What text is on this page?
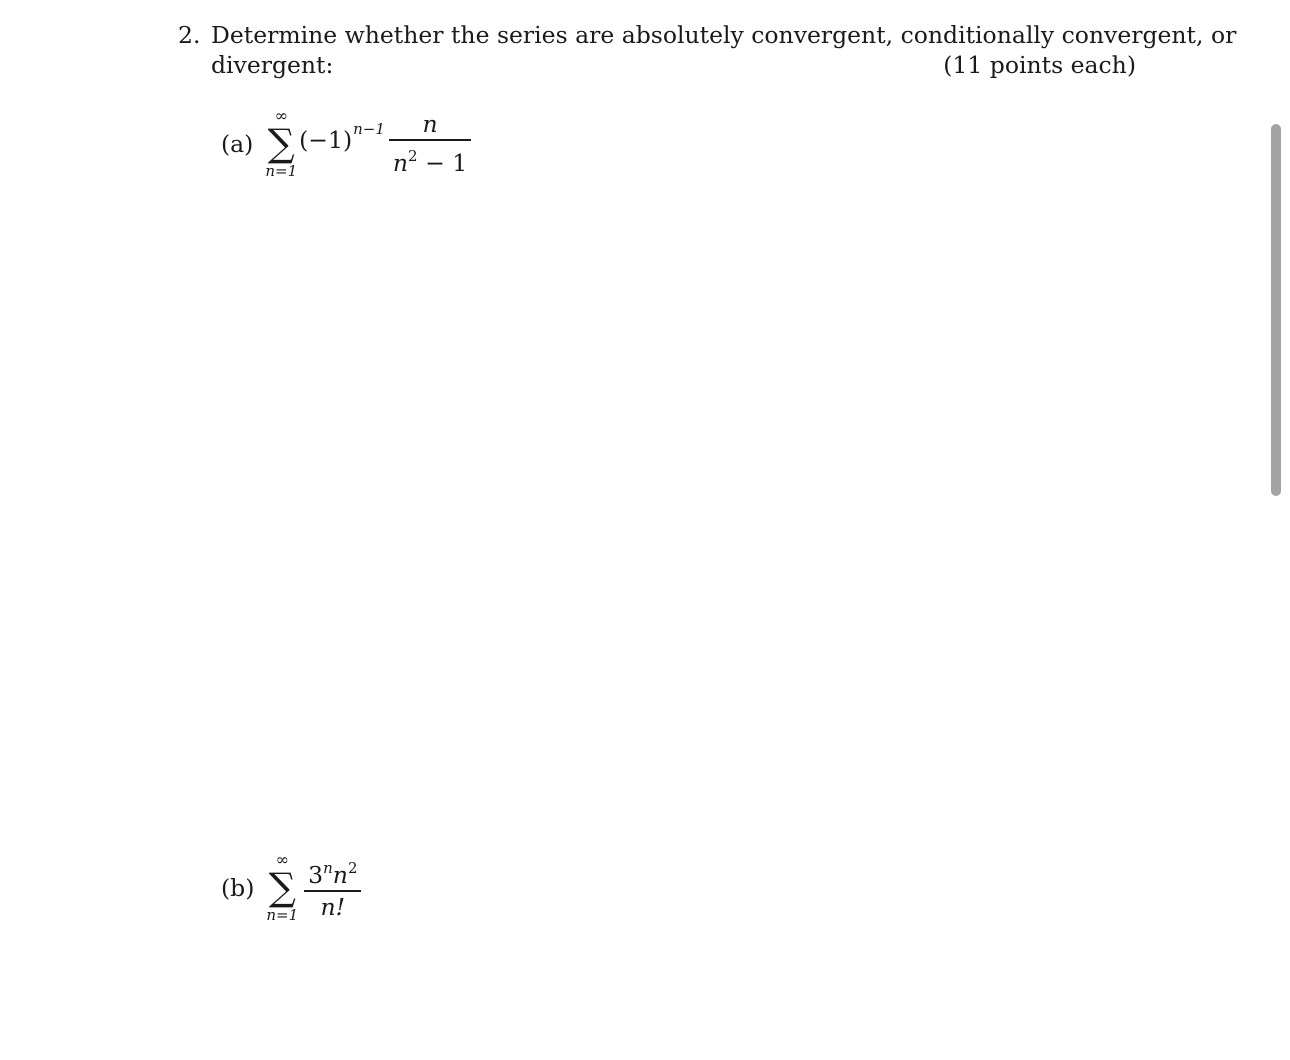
2. Determine whether the series are absolutely convergent, conditionally convergent, or
divergent:	(11 points each)
(a)
∞
∑
n=1
(−1) $n-1 \frac{n}{n^2 - 1}$
(b)
∞
∑
$n=1 \frac{3^nn^2}{n!}$
